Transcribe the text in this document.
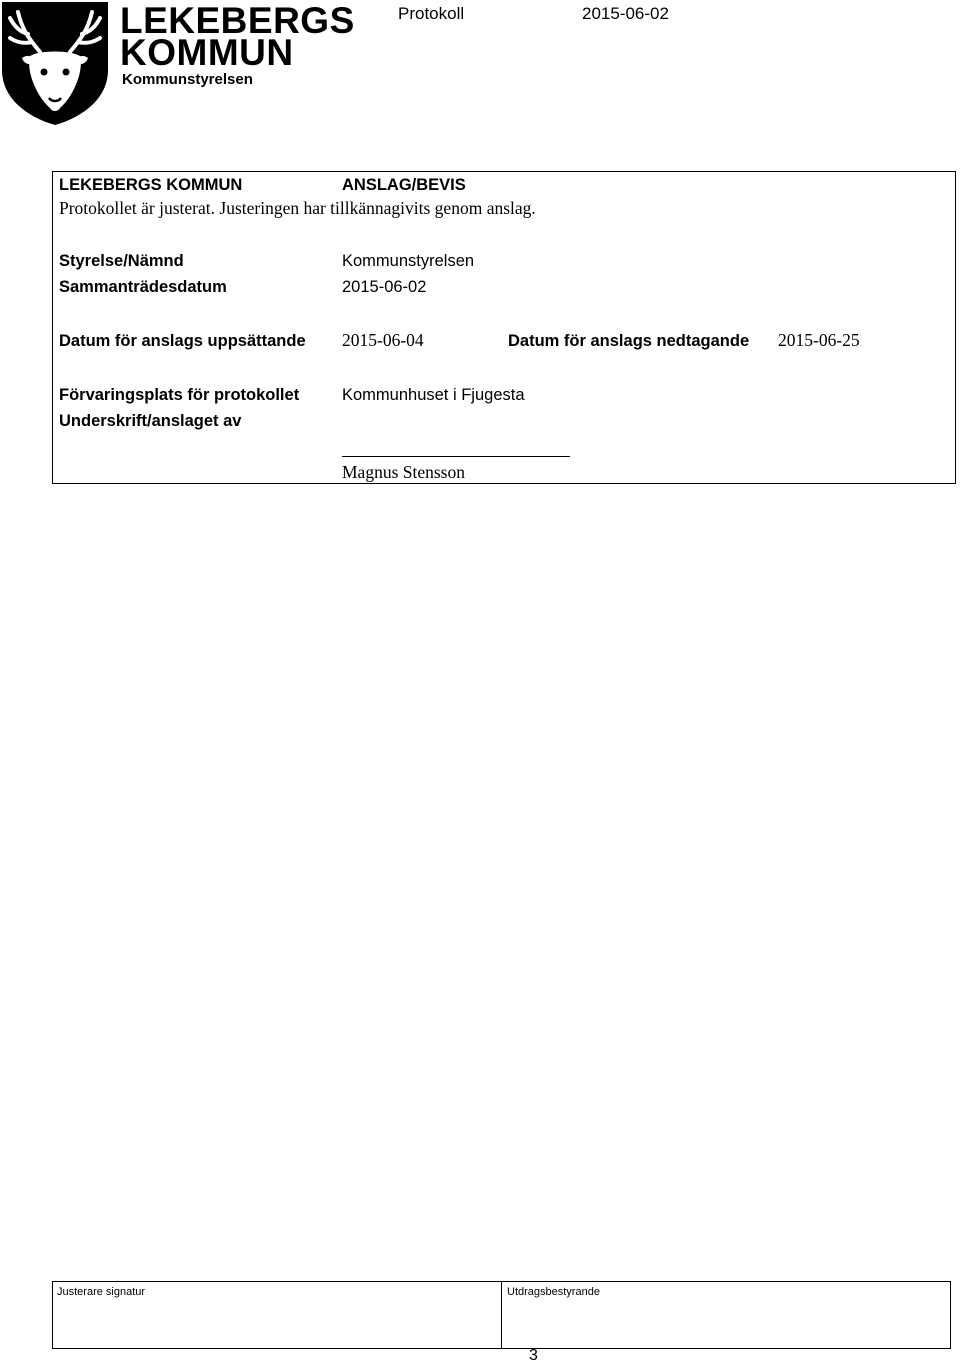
LEKEBERGS
KOMMUN
Kommunstyrelsen
Protokoll	2015-06-02
LEKEBERGS KOMMUN	ANSLAG/BEVIS
Protokollet är justerat. Justeringen har tillkännagivits genom anslag.
Styrelse/Nämnd	Kommunstyrelsen
Sammanträdesdatum	2015-06-02
Datum för anslags uppsättande 2015-06-04	Datum för anslags nedtagande 2015-06-25
Förvaringsplats för protokollet	Kommunhuset i Fjugesta
Underskrift/anslaget av
Magnus Stensson
Justerare signatur	Utdragsbestyrande
3
